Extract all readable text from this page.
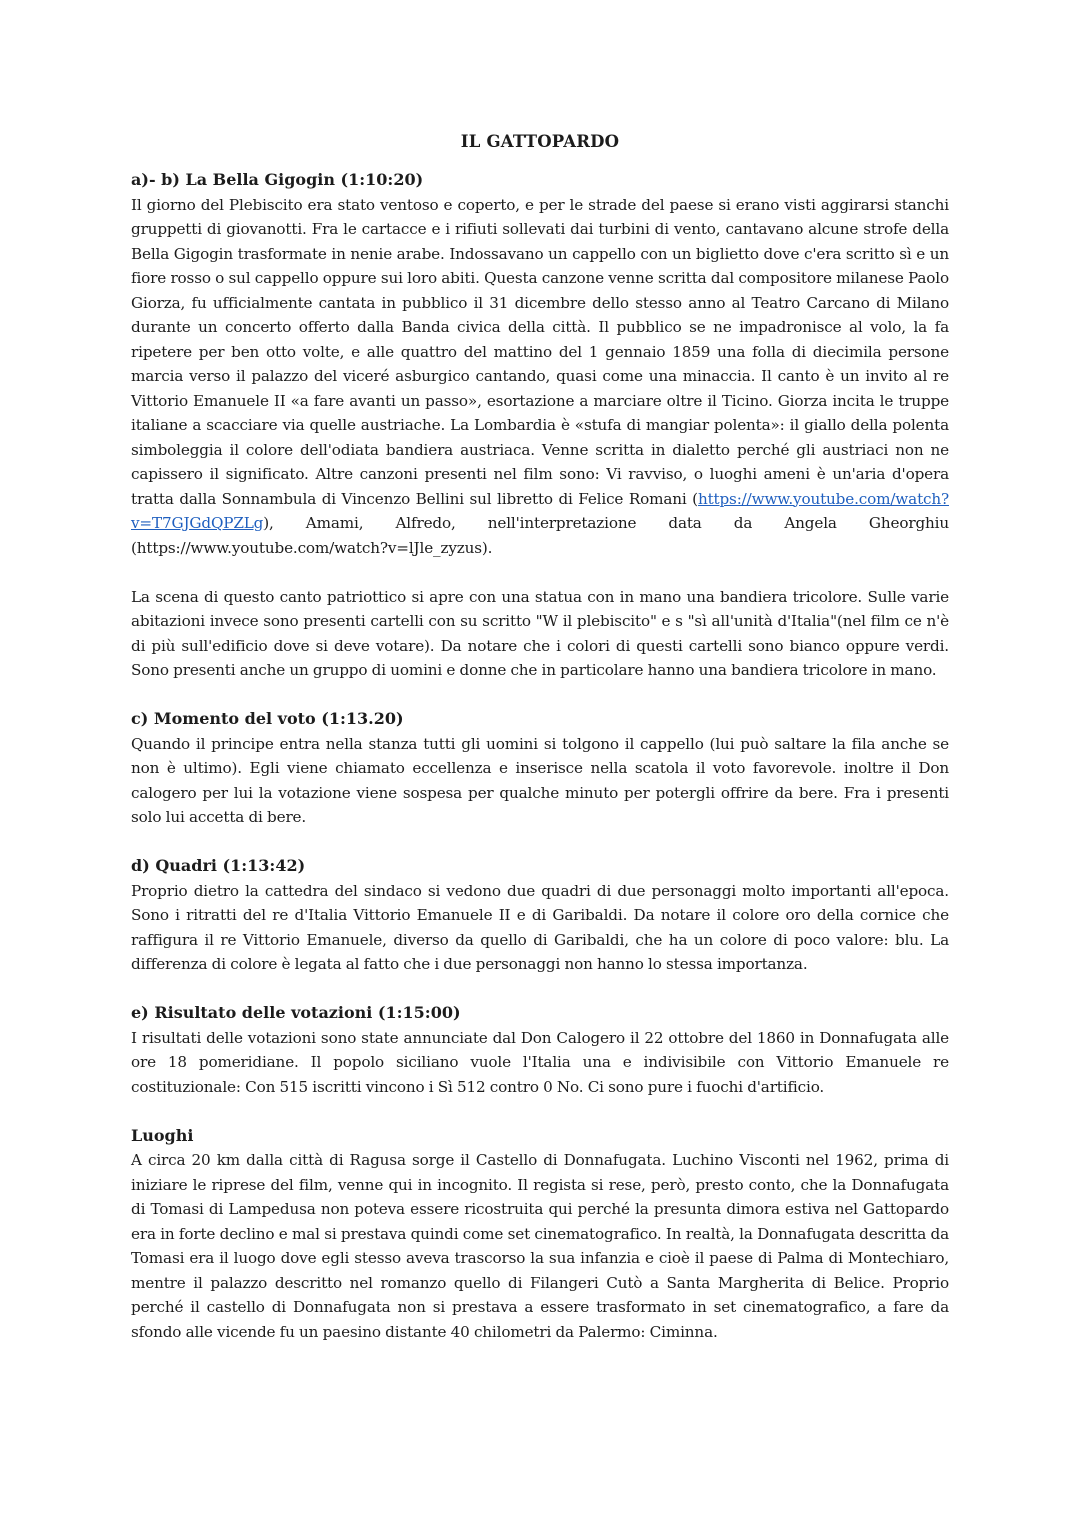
IL GATTOPARDO
a)- b) La Bella Gigogin (1:10:20)

Il giorno del Plebiscito era stato ventoso e coperto, e per le strade del paese si erano visti aggirarsi stanchi gruppetti di giovanotti. Fra le cartacce e i rifiuti sollevati dai turbini di vento, cantavano alcune strofe della Bella Gigogin trasformate in nenie arabe. Indossavano un cappello con un biglietto dove c'era scritto sì e un fiore rosso o sul cappello oppure sui loro abiti. Questa canzone venne scritta dal compositore milanese Paolo Giorza, fu ufficialmente cantata in pubblico il 31 dicembre dello stesso anno al Teatro Carcano di Milano durante un concerto offerto dalla Banda civica della città. Il pubblico se ne impadronisce al volo, la fa ripetere per ben otto volte, e alle quattro del mattino del 1 gennaio 1859 una folla di diecimila persone marcia verso il palazzo del viceré asburgico cantando, quasi come una minaccia. Il canto è un invito al re Vittorio Emanuele II «a fare avanti un passo», esortazione a marciare oltre il Ticino. Giorza incita le truppe italiane a scacciare via quelle austriache. La Lombardia è «stufa di mangiar polenta»: il giallo della polenta simboleggia il colore dell'odiata bandiera austriaca. Venne scritta in dialetto perché gli austriaci non ne capissero il significato. Altre canzoni presenti nel film sono: Vi ravviso, o luoghi ameni è un'aria d'opera tratta dalla Sonnambula di Vincenzo Bellini sul libretto di Felice Romani (https://www.youtube.com/watch?v=T7GJGdQPZLg), Amami, Alfredo, nell'interpretazione data da Angela Gheorghiu (https://www.youtube.com/watch?v=lJle_zyzus).

La scena di questo canto patriottico si apre con una statua con in mano una bandiera tricolore. Sulle varie abitazioni invece sono presenti cartelli con su scritto "W il plebiscito" e s "sì all'unità d'Italia"(nel film ce n'è di più sull'edificio dove si deve votare). Da notare che i colori di questi cartelli sono bianco oppure verdi. Sono presenti anche un gruppo di uomini e donne che in particolare hanno una bandiera tricolore in mano.

c) Momento del voto (1:13.20)

Quando il principe entra nella stanza tutti gli uomini si tolgono il cappello (lui può saltare la fila anche se non è ultimo). Egli viene chiamato eccellenza e inserisce nella scatola il voto favorevole. inoltre il Don calogero per lui la votazione viene sospesa per qualche minuto per potergli offrire da bere. Fra i presenti solo lui accetta di bere.

d) Quadri (1:13:42)

Proprio dietro la cattedra del sindaco si vedono due quadri di due personaggi molto importanti all'epoca. Sono i ritratti del re d'Italia Vittorio Emanuele II e di Garibaldi. Da notare il colore oro della cornice che raffigura il re Vittorio Emanuele, diverso da quello di Garibaldi, che ha un colore di poco valore: blu. La differenza di colore è legata al fatto che i due personaggi non hanno lo stessa importanza.

e) Risultato delle votazioni (1:15:00)

I risultati delle votazioni sono state annunciate dal Don Calogero il 22 ottobre del 1860 in Donnafugata alle ore 18 pomeridiane. Il popolo siciliano vuole l'Italia una e indivisibile con Vittorio Emanuele re costituzionale: Con 515 iscritti vincono i Sì 512 contro 0 No. Ci sono pure i fuochi d'artificio.

Luoghi

A circa 20 km dalla città di Ragusa sorge il Castello di Donnafugata. Luchino Visconti nel 1962, prima di iniziare le riprese del film, venne qui in incognito. Il regista si rese, però, presto conto, che la Donnafugata di Tomasi di Lampedusa non poteva essere ricostruita qui perché la presunta dimora estiva nel Gattopardo era in forte declino e mal si prestava quindi come set cinematografico. In realtà, la Donnafugata descritta da Tomasi era il luogo dove egli stesso aveva trascorso la sua infanzia e cioè il paese di Palma di Montechiaro, mentre il palazzo descritto nel romanzo quello di Filangeri Cutò a Santa Margherita di Belice. Proprio perché il castello di Donnafugata non si prestava a essere trasformato in set cinematografico, a fare da sfondo alle vicende fu un paesino distante 40 chilometri da Palermo: Ciminna.
